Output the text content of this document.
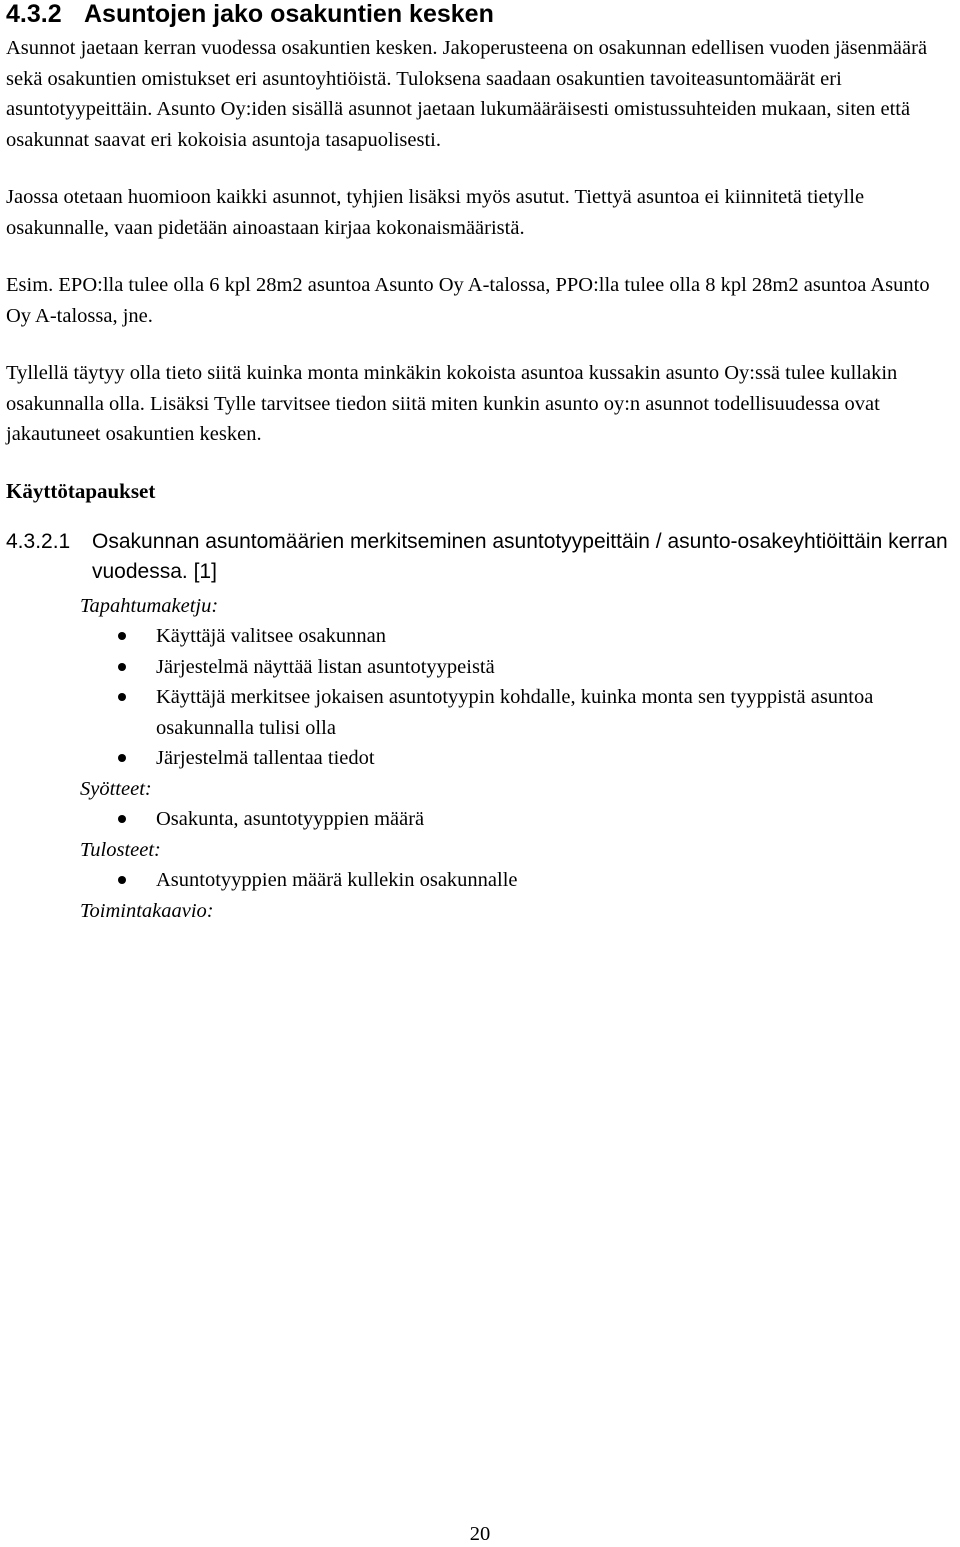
4.3.2 Asuntojen jako osakuntien kesken

Asunnot jaetaan kerran vuodessa osakuntien kesken. Jakoperusteena on osakunnan edellisen vuoden jäsenmäärä sekä osakuntien omistukset eri asuntoyhtiöistä. Tuloksena saadaan osakuntien tavoiteasuntomäärät eri asuntotyypeittäin. Asunto Oy:iden sisällä asunnot jaetaan lukumääräisesti omistussuhteiden mukaan, siten että osakunnat saavat eri kokoisia asuntoja tasapuolisesti.

Jaossa otetaan huomioon kaikki asunnot, tyhjien lisäksi myös asutut. Tiettyä asuntoa ei kiinnitetä tietylle osakunnalle, vaan pidetään ainoastaan kirjaa kokonaismääristä.

Esim. EPO:lla tulee olla 6 kpl 28m2 asuntoa Asunto Oy A-talossa, PPO:lla tulee olla 8 kpl 28m2 asuntoa Asunto Oy A-talossa, jne.

Tyllellä täytyy olla tieto siitä kuinka monta minkäkin kokoista asuntoa kussakin asunto Oy:ssä tulee kullakin osakunnalla olla. Lisäksi Tylle tarvitsee tiedon siitä miten kunkin asunto oy:n asunnot todellisuudessa ovat jakautuneet osakuntien kesken.

Käyttötapaukset

4.3.2.1	Osakunnan asuntomäärien merkitseminen asuntotyypeittäin / asunto-osakeyhtiöittäin kerran vuodessa. [1]

Tapahtumaketju:

Käyttäjä valitsee osakunnan
Järjestelmä näyttää listan asuntotyypeistä
Käyttäjä merkitsee jokaisen asuntotyypin kohdalle, kuinka monta sen tyyppistä asuntoa osakunnalla tulisi olla
Järjestelmä tallentaa tiedot

Syötteet:

Osakunta, asuntotyyppien määrä

Tulosteet:

Asuntotyyppien määrä kullekin osakunnalle

Toimintakaavio:

20
